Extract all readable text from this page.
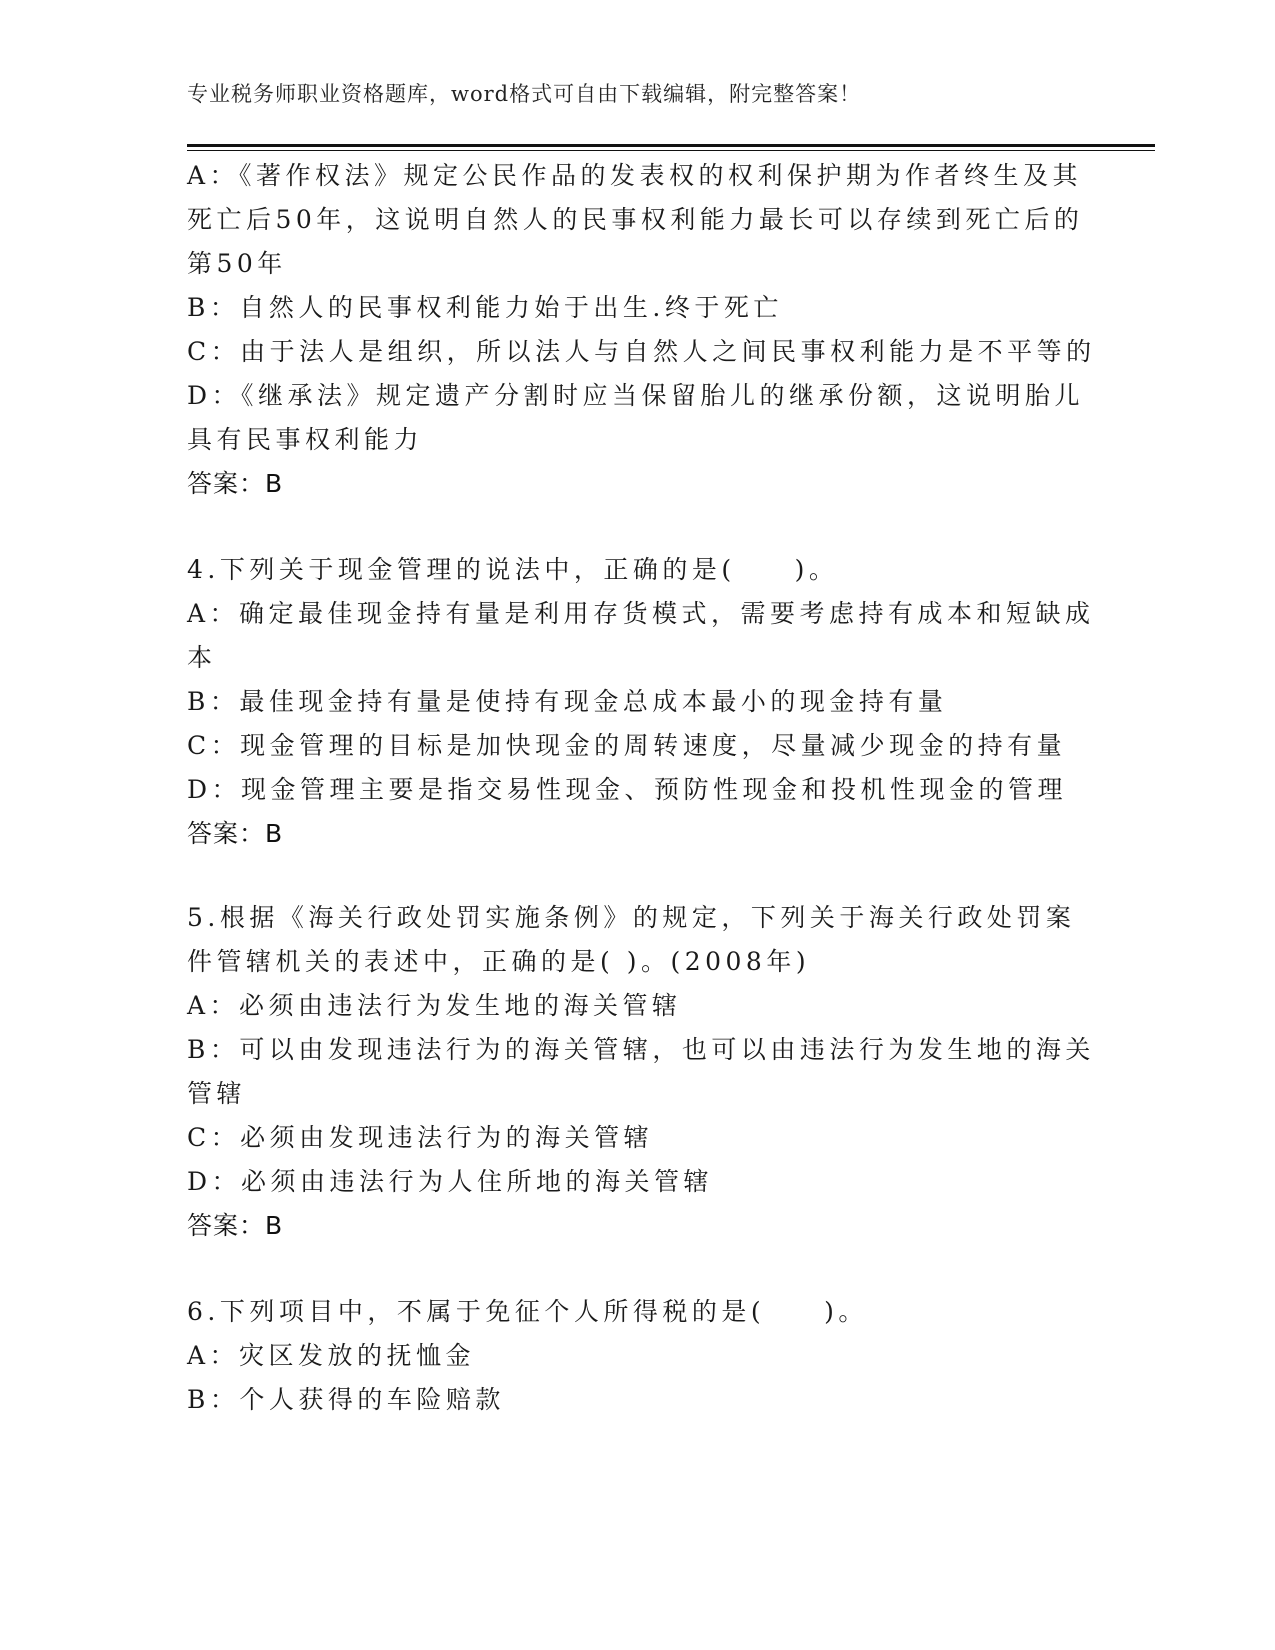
专业税务师职业资格题库，word格式可自由下载编辑，附完整答案！
A：《著作权法》规定公民作品的发表权的权利保护期为作者终生及其
死亡后50年，这说明自然人的民事权利能力最长可以存续到死亡后的
第50年
B：自然人的民事权利能力始于出生.终于死亡
C：由于法人是组织，所以法人与自然人之间民事权利能力是不平等的
D：《继承法》规定遗产分割时应当保留胎儿的继承份额，这说明胎儿
具有民事权利能力
答案：B
4.下列关于现金管理的说法中，正确的是(　　)。
A：确定最佳现金持有量是利用存货模式，需要考虑持有成本和短缺成
本
B：最佳现金持有量是使持有现金总成本最小的现金持有量
C：现金管理的目标是加快现金的周转速度，尽量减少现金的持有量
D：现金管理主要是指交易性现金、预防性现金和投机性现金的管理
答案：B
5.根据《海关行政处罚实施条例》的规定，下列关于海关行政处罚案
件管辖机关的表述中，正确的是( )。(2008年)
A：必须由违法行为发生地的海关管辖
B：可以由发现违法行为的海关管辖，也可以由违法行为发生地的海关
管辖
C：必须由发现违法行为的海关管辖
D：必须由违法行为人住所地的海关管辖
答案：B
6.下列项目中，不属于免征个人所得税的是(　　)。
A：灾区发放的抚恤金
B：个人获得的车险赔款
